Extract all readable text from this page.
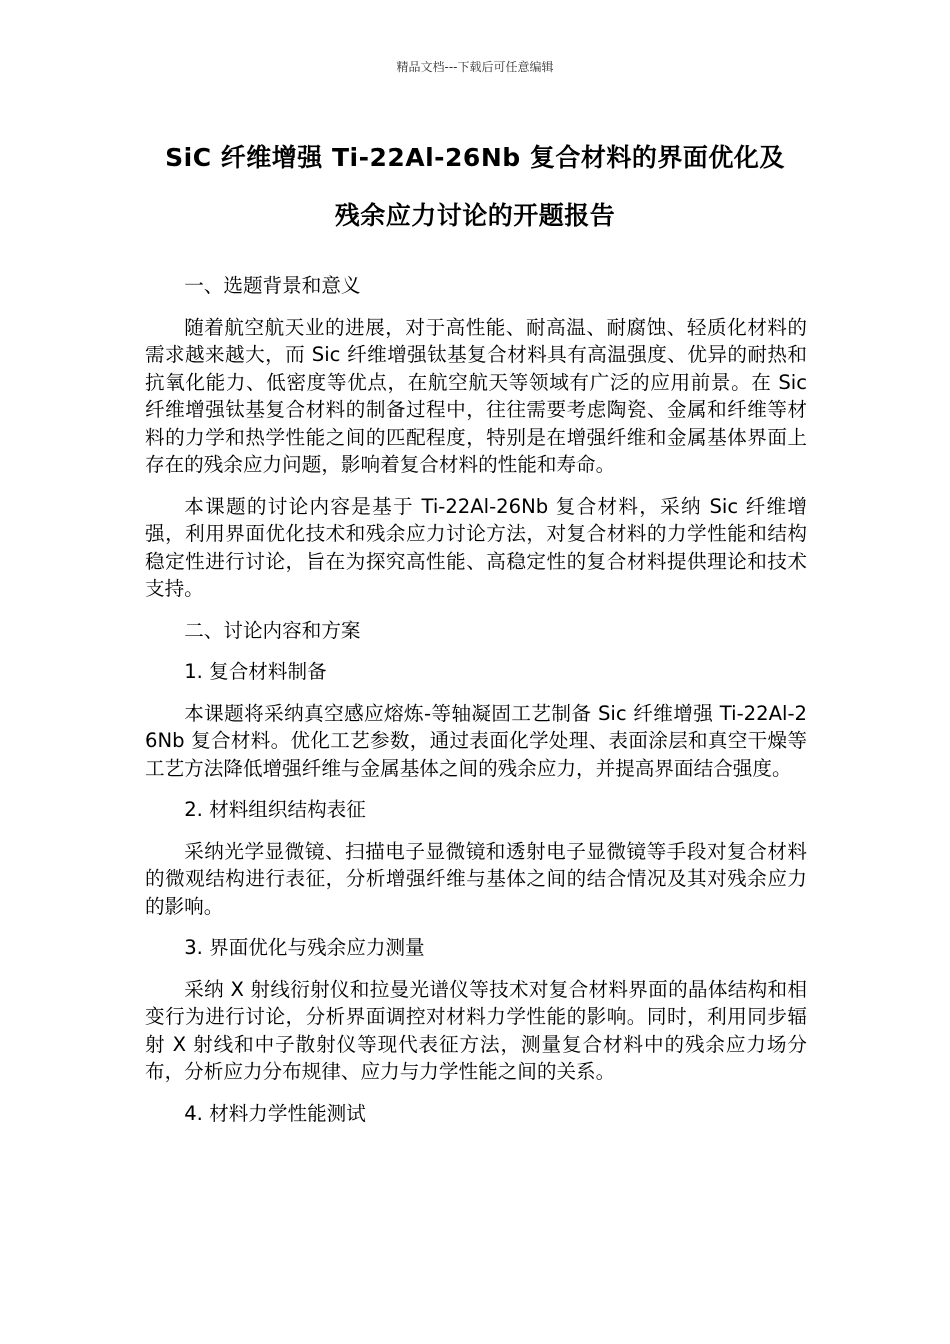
精品文档---下载后可任意编辑
SiC 纤维增强 Ti-22Al-26Nb 复合材料的界面优化及
残余应力讨论的开题报告

一、选题背景和意义

随着航空航天业的进展，对于高性能、耐高温、耐腐蚀、轻质化材料的需求越来越大，而 Sic 纤维增强钛基复合材料具有高温强度、优异的耐热和抗氧化能力、低密度等优点，在航空航天等领域有广泛的应用前景。在 Sic 纤维增强钛基复合材料的制备过程中，往往需要考虑陶瓷、金属和纤维等材料的力学和热学性能之间的匹配程度，特别是在增强纤维和金属基体界面上存在的残余应力问题，影响着复合材料的性能和寿命。

本课题的讨论内容是基于 Ti-22Al-26Nb 复合材料，采纳 Sic 纤维增强，利用界面优化技术和残余应力讨论方法，对复合材料的力学性能和结构稳定性进行讨论，旨在为探究高性能、高稳定性的复合材料提供理论和技术支持。

二、讨论内容和方案

1. 复合材料制备

本课题将采纳真空感应熔炼-等轴凝固工艺制备 Sic 纤维增强 Ti-22Al-26Nb 复合材料。优化工艺参数，通过表面化学处理、表面涂层和真空干燥等工艺方法降低增强纤维与金属基体之间的残余应力，并提高界面结合强度。

2. 材料组织结构表征

采纳光学显微镜、扫描电子显微镜和透射电子显微镜等手段对复合材料的微观结构进行表征，分析增强纤维与基体之间的结合情况及其对残余应力的影响。

3. 界面优化与残余应力测量

采纳 X 射线衍射仪和拉曼光谱仪等技术对复合材料界面的晶体结构和相变行为进行讨论，分析界面调控对材料力学性能的影响。同时，利用同步辐射 X 射线和中子散射仪等现代表征方法，测量复合材料中的残余应力场分布，分析应力分布规律、应力与力学性能之间的关系。

4. 材料力学性能测试
